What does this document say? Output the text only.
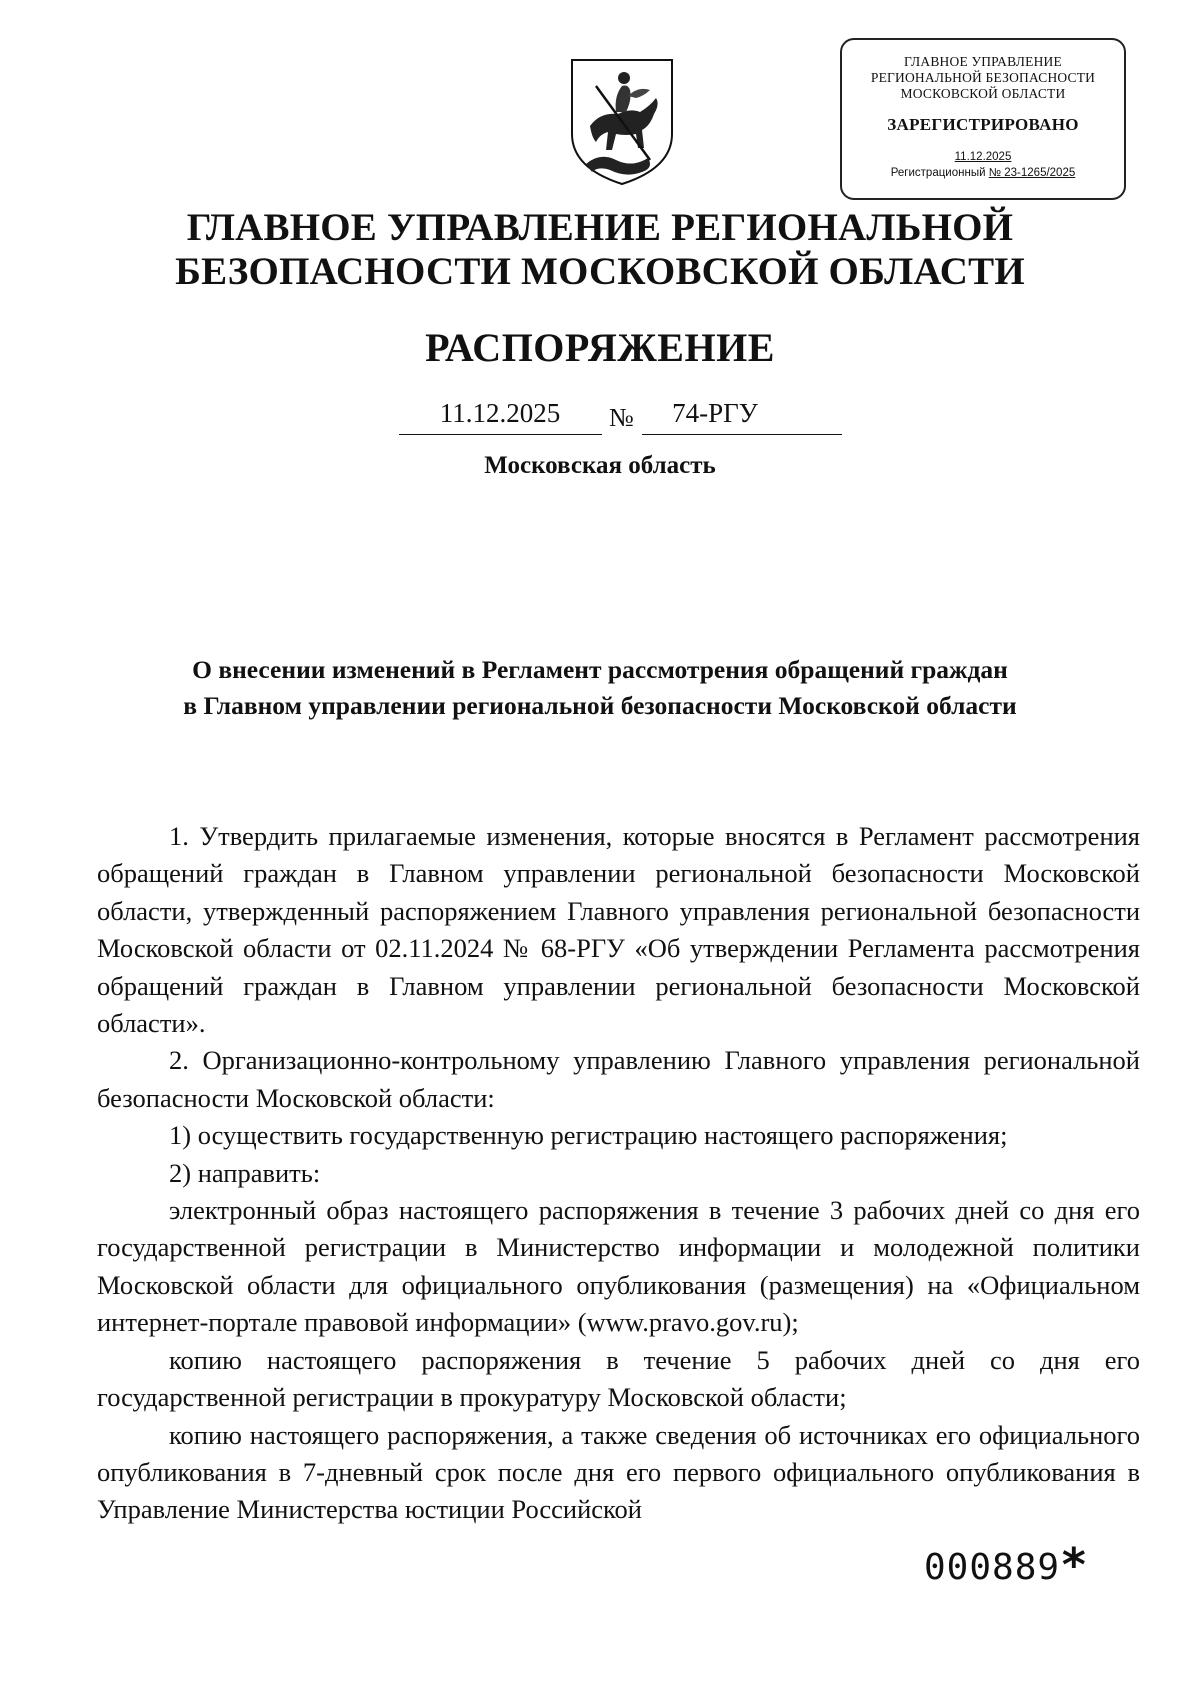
ГЛАВНОЕ УПРАВЛЕНИЕ
РЕГИОНАЛЬНОЙ БЕЗОПАСНОСТИ
МОСКОВСКОЙ ОБЛАСТИ
ЗАРЕГИСТРИРОВАНО
11.12.2025
Регистрационный № 23-1265/2025
ГЛАВНОЕ УПРАВЛЕНИЕ РЕГИОНАЛЬНОЙ
БЕЗОПАСНОСТИ МОСКОВСКОЙ ОБЛАСТИ
РАСПОРЯЖЕНИЕ
11.12.2025	№	74-РГУ
Московская область
О внесении изменений в Регламент рассмотрения обращений граждан
в Главном управлении региональной безопасности Московской области

1. Утвердить прилагаемые изменения, которые вносятся в Регламент рассмотрения обращений граждан в Главном управлении региональной безопасности Московской области, утвержденный распоряжением Главного управления региональной безопасности Московской области от 02.11.2024 № 68-РГУ «Об утверждении Регламента рассмотрения обращений граждан в Главном управлении региональной безопасности Московской области».

2. Организационно-контрольному управлению Главного управления региональной безопасности Московской области:

1) осуществить государственную регистрацию настоящего распоряжения;

2) направить:

электронный образ настоящего распоряжения в течение 3 рабочих дней со дня его государственной регистрации в Министерство информации и молодежной политики Московской области для официального опубликования (размещения) на «Официальном интернет-портале правовой информации» (www.pravo.gov.ru);

копию настоящего распоряжения в течение 5 рабочих дней со дня его государственной регистрации в прокуратуру Московской области;

копию настоящего распоряжения, а также сведения об источниках его официального опубликования в 7-дневный срок после дня его первого официального опубликования в Управление Министерства юстиции Российской

000889*
